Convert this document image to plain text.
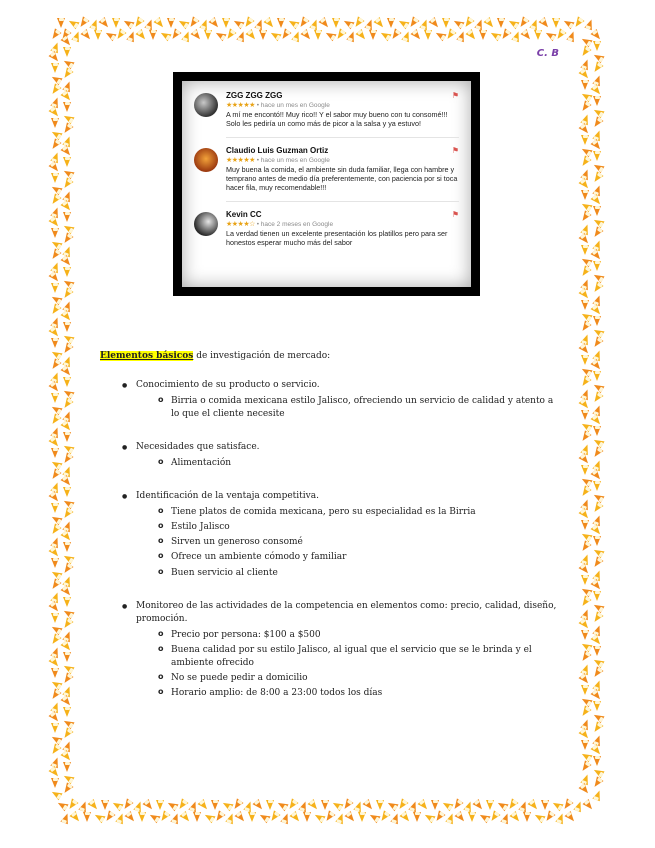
C. B
ZGG ZGG ZGG	⚑
★★★★★ • hace un mes en Google
A mí me encontó!! Muy rico!! Y el sabor muy bueno con tu consomé!!! Solo les pediría un como más de picor a la salsa y ya estuvo!
Claudio Luis Guzman Ortiz	⚑
★★★★★ • hace un mes en Google
Muy buena la comida, el ambiente sin duda familiar, llega con hambre y temprano antes de medio día preferentemente, con paciencia por si toca hacer fila, muy recomendable!!!
Kevin CC	⚑
★★★★☆ • hace 2 meses en Google
La verdad tienen un excelente presentación los platillos pero para ser honestos esperar mucho más del sabor

Elementos básicos de investigación de mercado:

● Conocimiento de su producto o servicio.
o Birria o comida mexicana estilo Jalisco, ofreciendo un servicio de calidad y atento a lo que el cliente necesite
● Necesidades que satisface.
o Alimentación
● Identificación de la ventaja competitiva.
o Tiene platos de comida mexicana, pero su especialidad es la Birria
o Estilo Jalisco
o Sirven un generoso consomé
o Ofrece un ambiente cómodo y familiar
o Buen servicio al cliente
● Monitoreo de las actividades de la competencia en elementos como: precio, calidad, diseño, promoción.
o Precio por persona: $100 a $500
o Buena calidad por su estilo Jalisco, al igual que el servicio que se le brinda y el ambiente ofrecido
o No se puede pedir a domicilio
o Horario amplio: de 8:00 a 23:00 todos los días
